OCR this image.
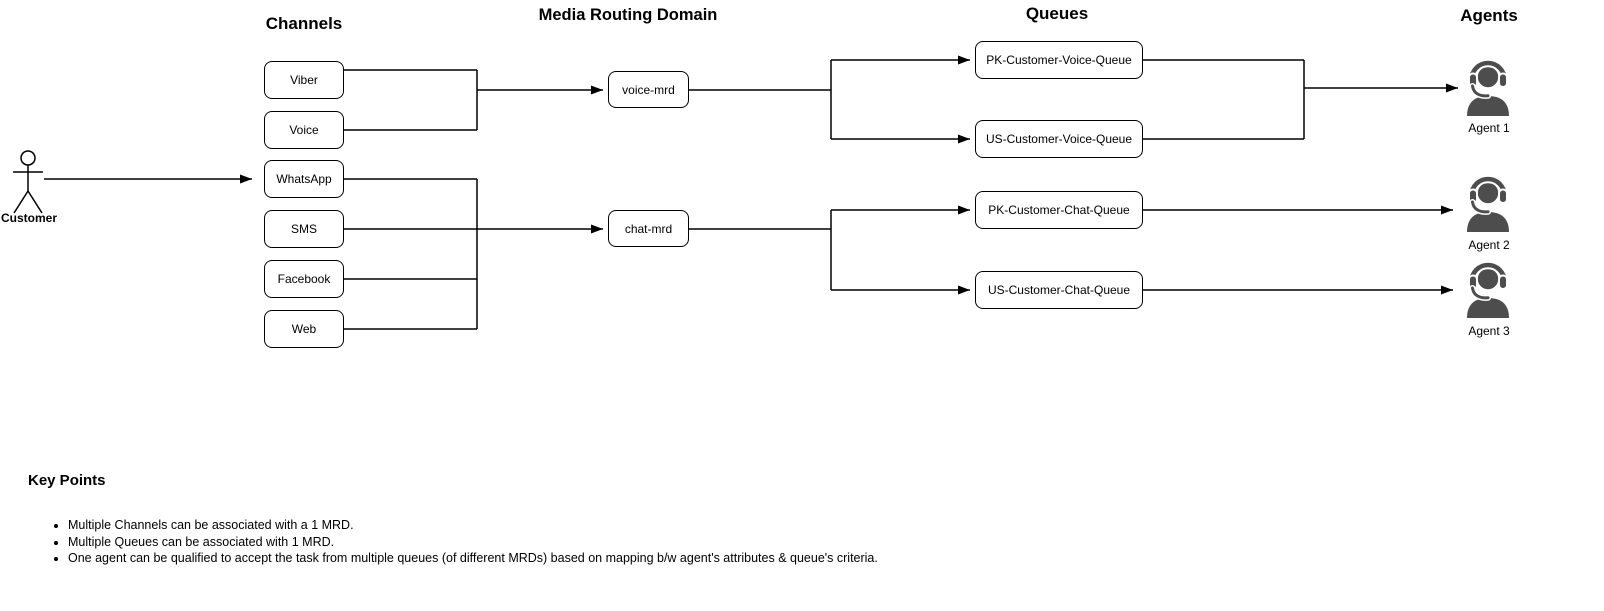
Channels	Media Routing Domain	Queues	Agents
Customer
Viber
Voice
WhatsApp
SMS
Facebook
Web
voice-mrd
chat-mrd
PK-Customer-Voice-Queue
US-Customer-Voice-Queue
PK-Customer-Chat-Queue
US-Customer-Chat-Queue
Agent 1
Agent 2
Agent 3
Key Points
• Multiple Channels can be associated with a 1 MRD.
• Multiple Queues can be associated with 1 MRD.
• One agent can be qualified to accept the task from multiple queues (of different MRDs) based on mapping b/w agent's attributes & queue's criteria.
